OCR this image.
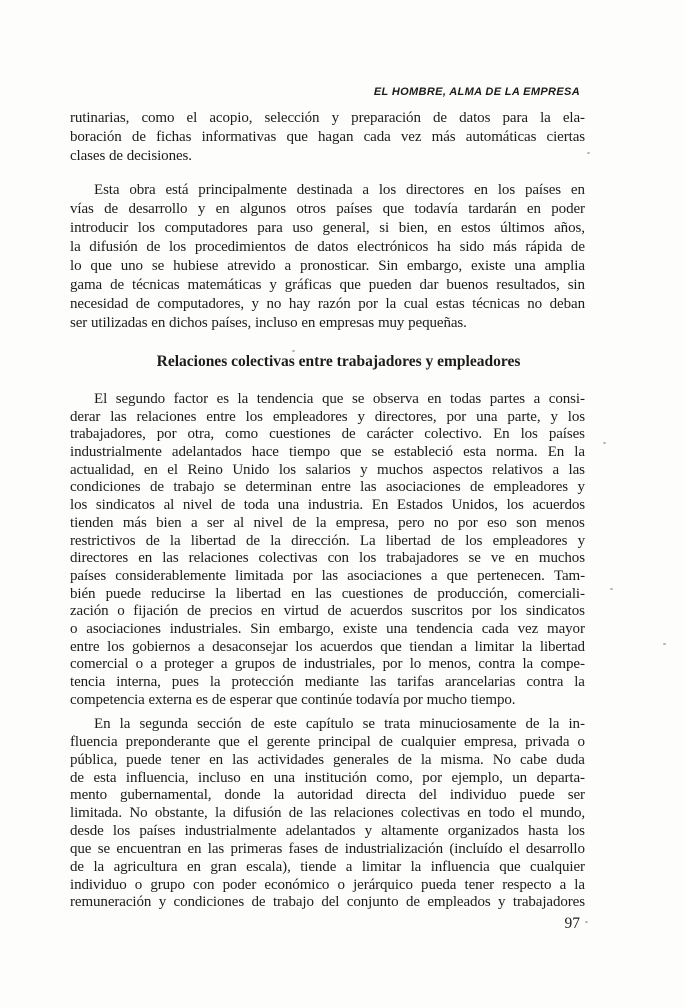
EL HOMBRE, ALMA DE LA EMPRESA
rutinarias, como el acopio, selección y preparación de datos para la ela-
boración de fichas informativas que hagan cada vez más automáticas ciertas
clases de decisiones.
Esta obra está principalmente destinada a los directores en los países en
vías de desarrollo y en algunos otros países que todavía tardarán en poder
introducir los computadores para uso general, si bien, en estos últimos años,
la difusión de los procedimientos de datos electrónicos ha sido más rápida de
lo que uno se hubiese atrevido a pronosticar. Sin embargo, existe una amplia
gama de técnicas matemáticas y gráficas que pueden dar buenos resultados, sin
necesidad de computadores, y no hay razón por la cual estas técnicas no deban
ser utilizadas en dichos países, incluso en empresas muy pequeñas.
Relaciones colectivas entre trabajadores y empleadores
El segundo factor es la tendencia que se observa en todas partes a consi-
derar las relaciones entre los empleadores y directores, por una parte, y los
trabajadores, por otra, como cuestiones de carácter colectivo. En los países
industrialmente adelantados hace tiempo que se estableció esta norma. En la
actualidad, en el Reino Unido los salarios y muchos aspectos relativos a las
condiciones de trabajo se determinan entre las asociaciones de empleadores y
los sindicatos al nivel de toda una industria. En Estados Unidos, los acuerdos
tienden más bien a ser al nivel de la empresa, pero no por eso son menos
restrictivos de la libertad de la dirección. La libertad de los empleadores y
directores en las relaciones colectivas con los trabajadores se ve en muchos
países considerablemente limitada por las asociaciones a que pertenecen. Tam-
bién puede reducirse la libertad en las cuestiones de producción, comerciali-
zación o fijación de precios en virtud de acuerdos suscritos por los sindicatos
o asociaciones industriales. Sin embargo, existe una tendencia cada vez mayor
entre los gobiernos a desaconsejar los acuerdos que tiendan a limitar la libertad
comercial o a proteger a grupos de industriales, por lo menos, contra la compe-
tencia interna, pues la protección mediante las tarifas arancelarias contra la
competencia externa es de esperar que continúe todavía por mucho tiempo.
En la segunda sección de este capítulo se trata minuciosamente de la in-
fluencia preponderante que el gerente principal de cualquier empresa, privada o
pública, puede tener en las actividades generales de la misma. No cabe duda
de esta influencia, incluso en una institución como, por ejemplo, un departa-
mento gubernamental, donde la autoridad directa del individuo puede ser
limitada. No obstante, la difusión de las relaciones colectivas en todo el mundo,
desde los países industrialmente adelantados y altamente organizados hasta los
que se encuentran en las primeras fases de industrialización (incluído el desarrollo
de la agricultura en gran escala), tiende a limitar la influencia que cualquier
individuo o grupo con poder económico o jerárquico pueda tener respecto a la
remuneración y condiciones de trabajo del conjunto de empleados y trabajadores
97
